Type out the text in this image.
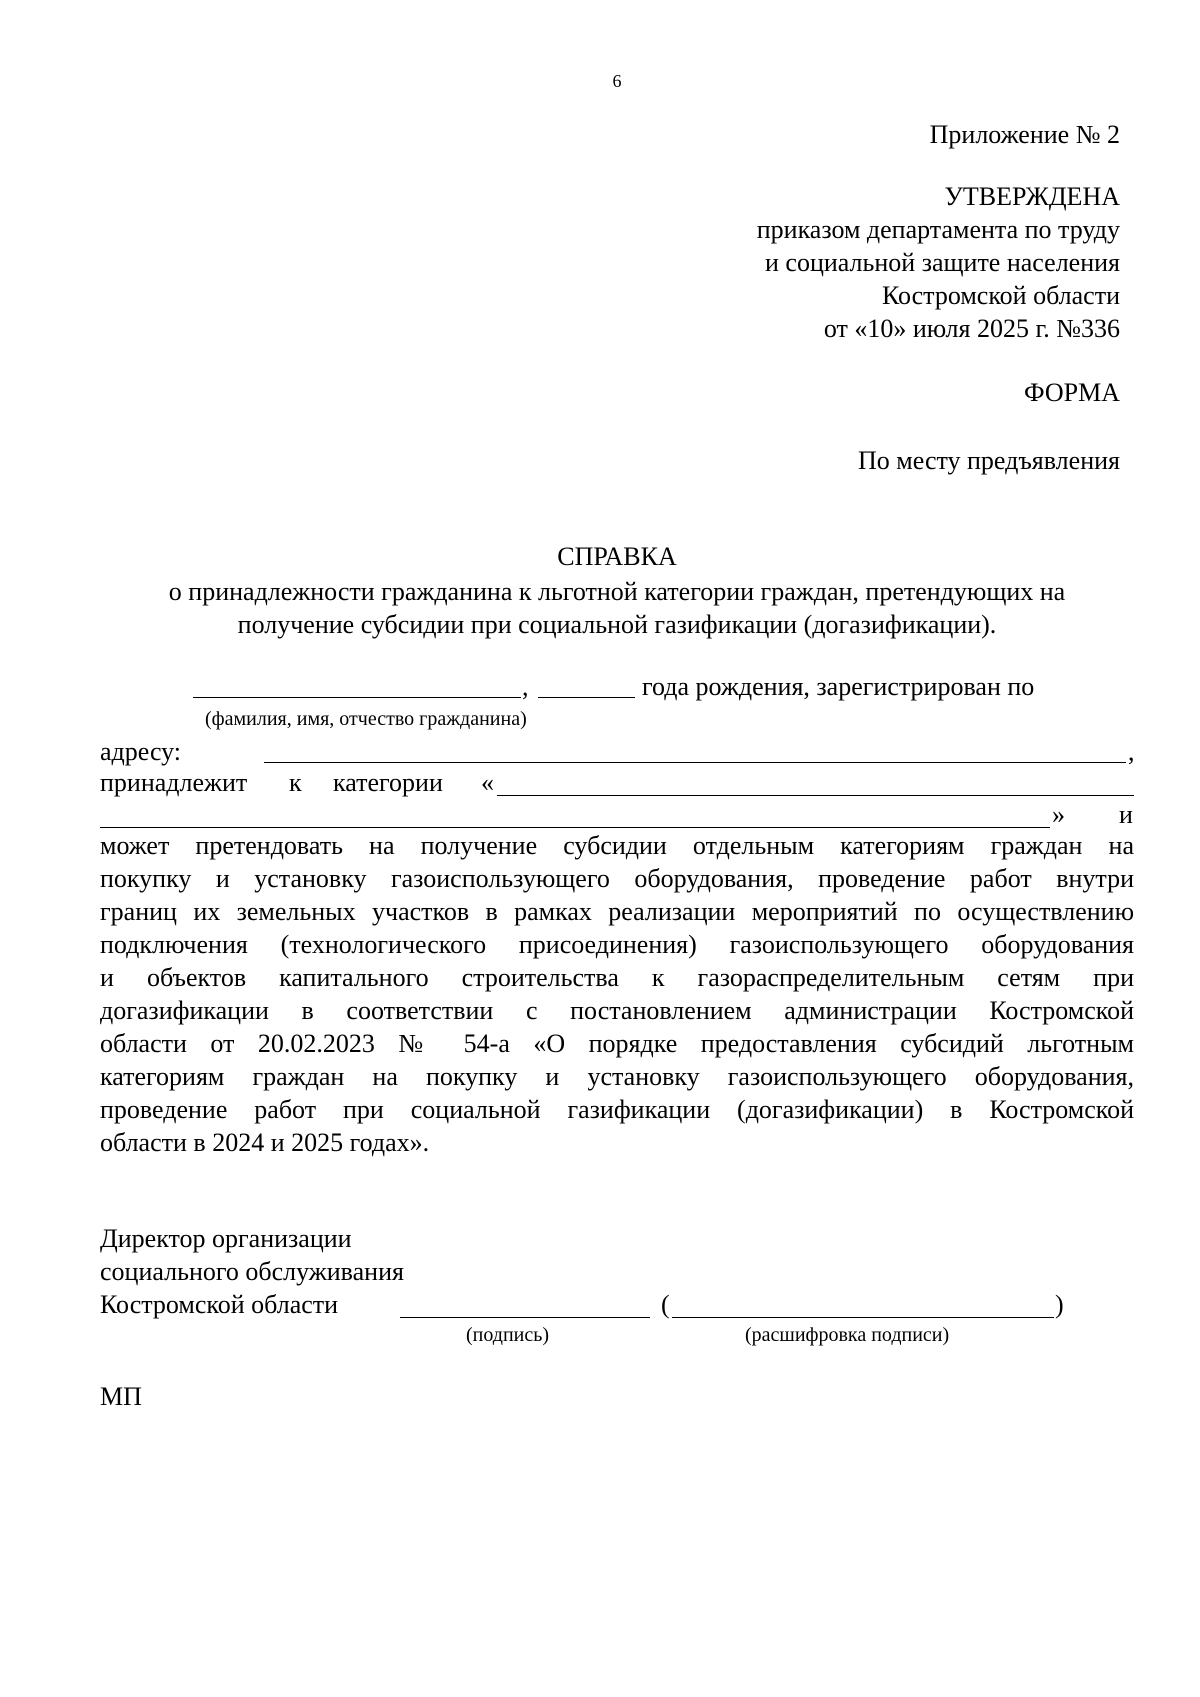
6
Приложение № 2
УТВЕРЖДЕНА
приказом департамента по труду
и социальной защите населения
Костромской области
от «10» июля 2025 г. №336
ФОРМА
По месту предъявления
СПРАВКА
о принадлежности гражданина к льготной категории граждан, претендующих на
получение субсидии при социальной газификации (догазификации).
,	года рождения, зарегистрирован по
(фамилия, имя, отчество гражданина)
адресу:	,
принадлежит к категории «
» и
может претендовать на получение субсидии отдельным категориям граждан на
покупку и установку газоиспользующего оборудования, проведение работ внутри
границ их земельных участков в рамках реализации мероприятий по осуществлению
подключения (технологического присоединения) газоиспользующего оборудования
и объектов капитального строительства к газораспределительным сетям при
догазификации в соответствии с постановлением администрации Костромской
области от 20.02.2023 № 54-а «О порядке предоставления субсидий льготным
категориям граждан на покупку и установку газоиспользующего оборудования,
проведение работ при социальной газификации (догазификации) в Костромской
области в 2024 и 2025 годах».
Директор организации
социального обслуживания
Костромской области	(	)
(подпись)	(расшифровка подписи)
МП
